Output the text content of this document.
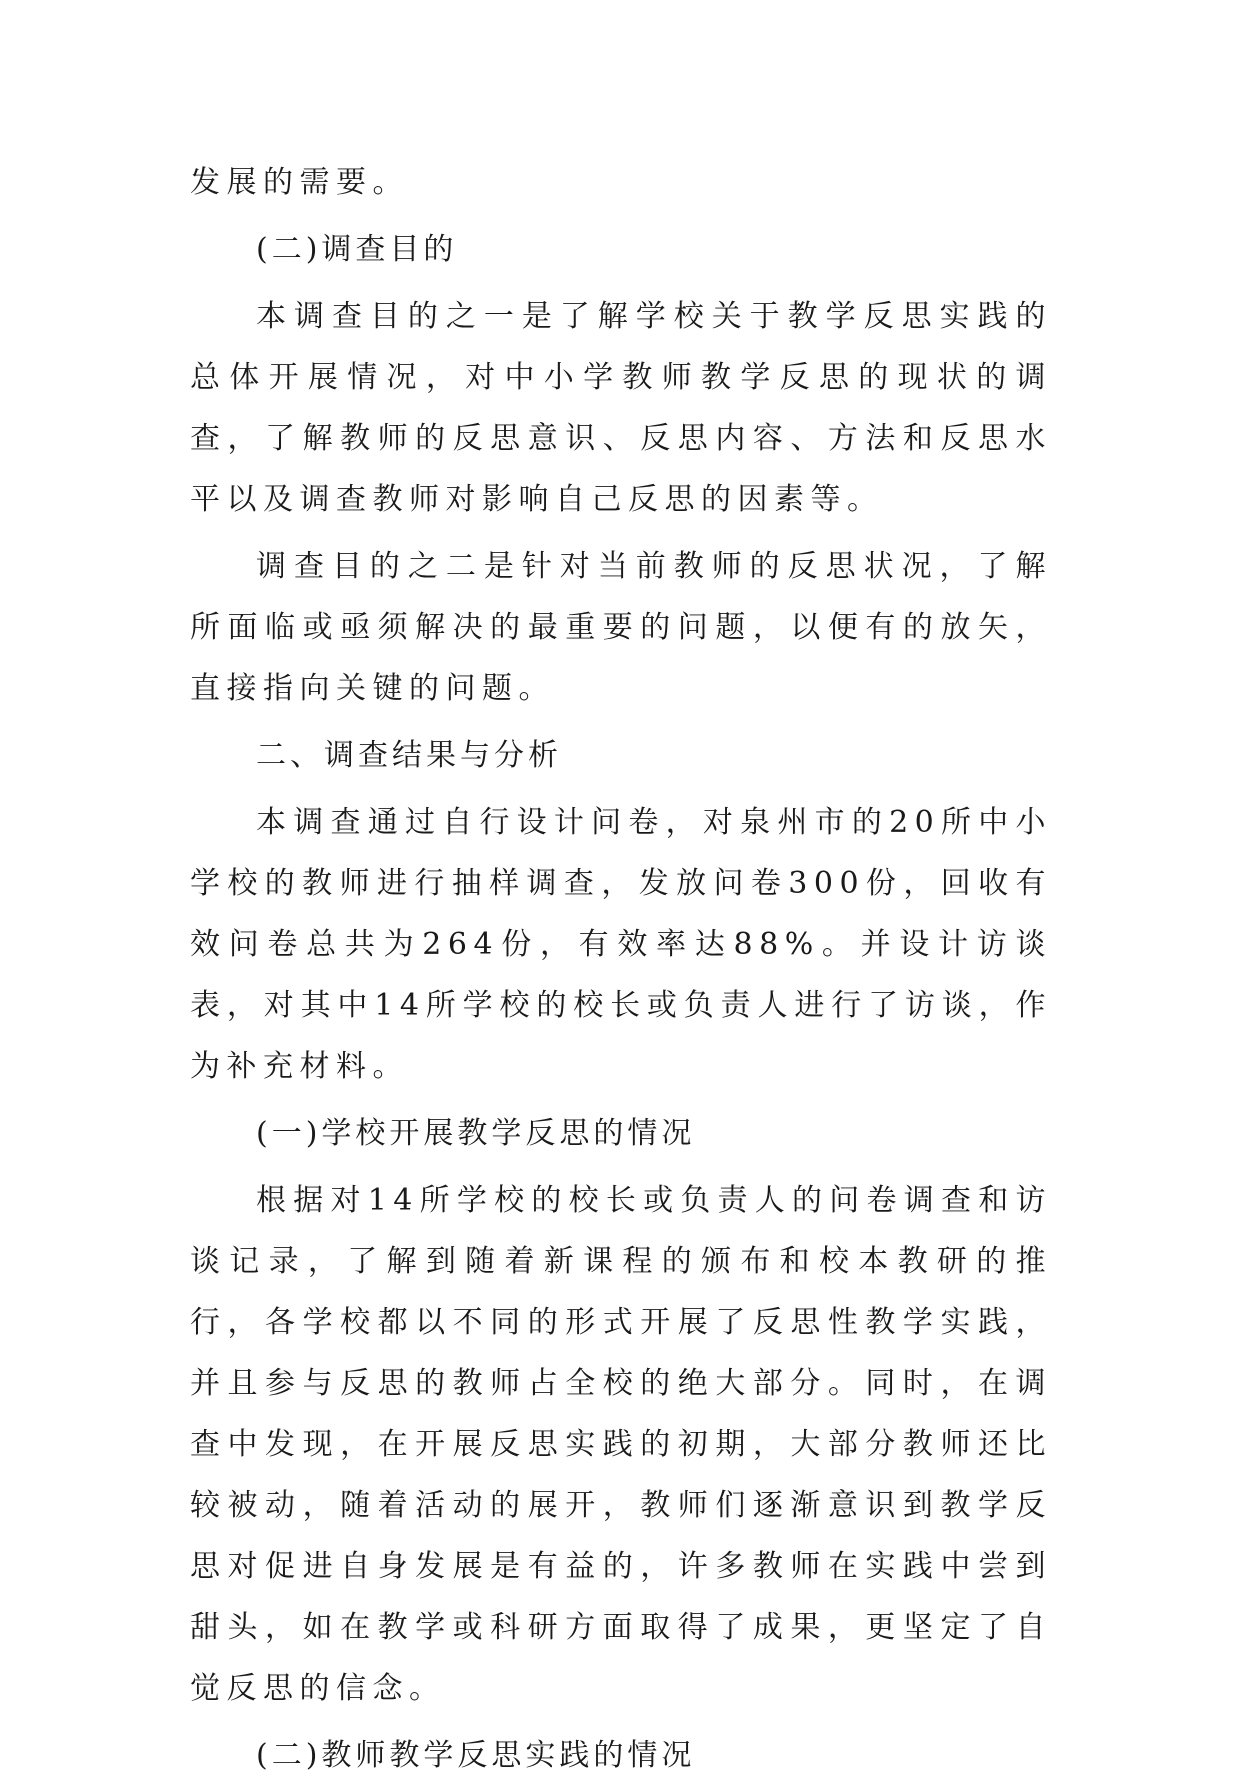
发展的需要。

(二)调查目的

本调查目的之一是了解学校关于教学反思实践的总体开展情况，对中小学教师教学反思的现状的调查，了解教师的反思意识、反思内容、方法和反思水平以及调查教师对影响自己反思的因素等。

调查目的之二是针对当前教师的反思状况，了解所面临或亟须解决的最重要的问题，以便有的放矢，直接指向关键的问题。

二、调查结果与分析

本调查通过自行设计问卷，对泉州市的20所中小学校的教师进行抽样调查，发放问卷300份，回收有效问卷总共为264份，有效率达88%。并设计访谈表，对其中14所学校的校长或负责人进行了访谈，作为补充材料。

(一)学校开展教学反思的情况

根据对14所学校的校长或负责人的问卷调查和访谈记录，了解到随着新课程的颁布和校本教研的推行，各学校都以不同的形式开展了反思性教学实践，并且参与反思的教师占全校的绝大部分。同时，在调查中发现，在开展反思实践的初期，大部分教师还比较被动，随着活动的展开，教师们逐渐意识到教学反思对促进自身发展是有益的，许多教师在实践中尝到甜头，如在教学或科研方面取得了成果，更坚定了自觉反思的信念。

(二)教师教学反思实践的情况
